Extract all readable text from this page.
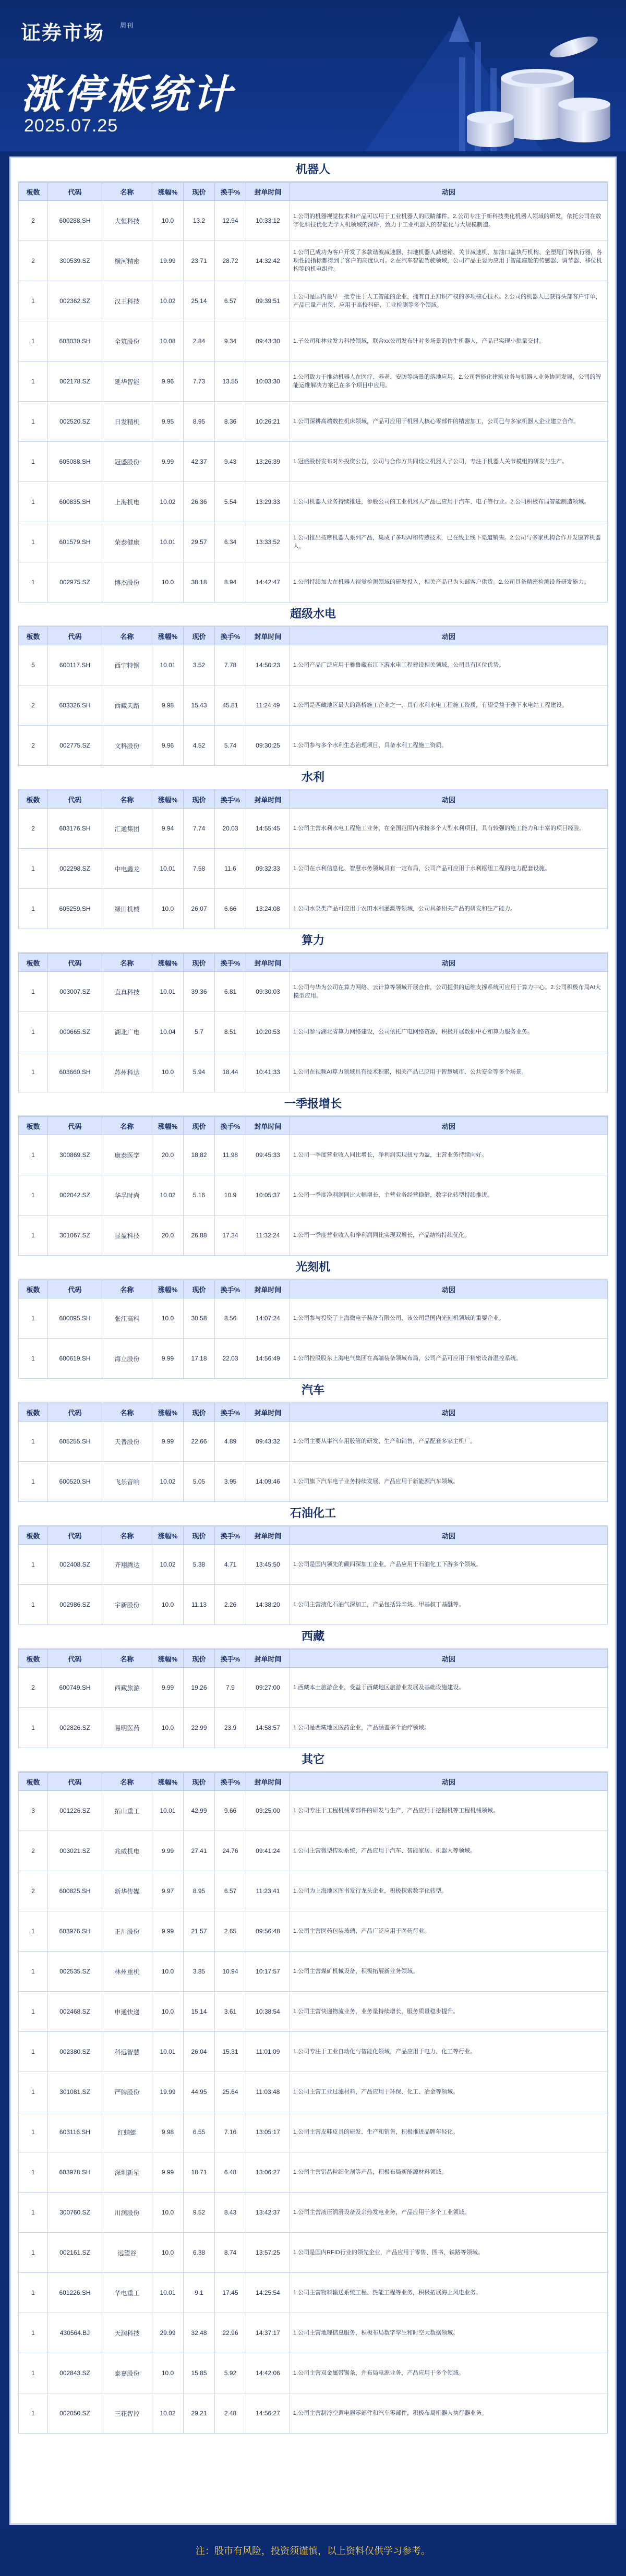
证券市场 周刊
涨停板统计
2025.07.25
机器人
板数	代码	名称	涨幅%	现价	换手%	封单时间	动因
2	600288.SH	大恒科技	10.0	13.2	12.94	10:33:12	1.公司的机器视觉技术和产品可以用于工业机器人的眼睛部件。2.公司专注于新科技类化机器人领域的研发，依托公司在数字化科技优化光学人机领域的深耕，致力于工业机器人的智能化与大规模制造。
2	300539.SZ	横河精密	19.99	23.71	28.72	14:32:42	1.公司已成功为客户开发了多款谐波减速器、扫地机器人减速箱、关节减速机、加油口盖执行机构、全塑尾门等执行器，各项性能指标都得到了客户的高度认可。2.在汽车智能驾驶领域，公司产品主要为应用于智能座舱的传感器、调节器、移位机构等的机电组件。
1	002362.SZ	汉王科技	10.02	25.14	6.57	09:39:51	1.公司是国内最早一批专注于人工智能的企业，拥有自主知识产权的多项核心技术。2.公司的机器人已获得头部客户订单，产品已量产出货，应用于高校科研、工业检测等多个领域。
1	603030.SH	全筑股份	10.08	2.84	9.34	09:43:30	1.子公司和林业发力科技领域，联合xx公司发布针对多场景的仿生机器人，产品已实现小批量交付。
1	002178.SZ	延华智能	9.96	7.73	13.55	10:03:30	1.公司致力于推动机器人在医疗、养老、安防等场景的落地应用。2.公司智能化建筑业务与机器人业务协同发展，公司的智能运维解决方案已在多个项目中应用。
1	002520.SZ	日发精机	9.95	8.95	8.36	10:26:21	1.公司深耕高端数控机床领域，产品可应用于机器人核心零部件的精密加工，公司已与多家机器人企业建立合作。
1	605088.SH	冠盛股份	9.99	42.37	9.43	13:26:39	1.冠盛股份发布对外投资公告，公司与合作方共同设立机器人子公司，专注于机器人关节模组的研发与生产。
1	600835.SH	上海机电	10.02	26.36	5.54	13:29:33	1.公司机器人业务持续推进，参股公司的工业机器人产品已应用于汽车、电子等行业。2.公司积极布局智能制造领域。
1	601579.SH	荣泰健康	10.01	29.57	6.34	13:33:52	1.公司推出按摩机器人系列产品，集成了多项AI和传感技术，已在线上线下渠道销售。2.公司与多家机构合作开发康养机器人。
1	002975.SZ	博杰股份	10.0	38.18	8.94	14:42:47	1.公司持续加大在机器人视觉检测领域的研发投入，相关产品已为头部客户供货。2.公司具备精密检测设备研发能力。
超级水电
板数	代码	名称	涨幅%	现价	换手%	封单时间	动因
5	600117.SH	西宁特钢	10.01	3.52	7.78	14:50:23	1.公司产品广泛应用于雅鲁藏布江下游水电工程建设相关领域，公司具有区位优势。
2	603326.SH	西藏天路	9.98	15.43	45.81	11:24:49	1.公司是西藏地区最大的路桥施工企业之一，具有水利水电工程施工资质，有望受益于雅下水电站工程建设。
2	002775.SZ	文科股份	9.96	4.52	5.74	09:30:25	1.公司参与多个水利生态治理项目，具备水利工程施工资质。
水利
板数	代码	名称	涨幅%	现价	换手%	封单时间	动因
2	603176.SH	汇通集团	9.94	7.74	20.03	14:55:45	1.公司主营水利水电工程施工业务，在全国范围内承接多个大型水利项目，具有较强的施工能力和丰富的项目经验。
1	002298.SZ	中电鑫龙	10.01	7.58	11.6	09:32:33	1.公司在水利信息化、智慧水务领域具有一定布局，公司产品可应用于水利枢纽工程的电力配套设施。
1	605259.SH	绿田机械	10.0	26.07	6.66	13:24:08	1.公司水泵类产品可应用于农田水利灌溉等领域，公司具备相关产品的研发和生产能力。
算力
板数	代码	名称	涨幅%	现价	换手%	封单时间	动因
1	003007.SZ	直真科技	10.01	39.36	6.81	09:30:03	1.公司与华为公司在算力网络、云计算等领域开展合作，公司提供的运维支撑系统可应用于算力中心。2.公司积极布局AI大模型应用。
1	000665.SZ	湖北广电	10.04	5.7	8.51	10:20:53	1.公司参与湖北省算力网络建设，公司依托广电网络资源，积极开展数据中心和算力服务业务。
1	603660.SH	苏州科达	10.0	5.94	18.44	10:41:33	1.公司在视频AI算力领域具有技术积累，相关产品已应用于智慧城市、公共安全等多个场景。
一季报增长
板数	代码	名称	涨幅%	现价	换手%	封单时间	动因
1	300869.SZ	康泰医学	20.0	18.82	11.98	09:45:33	1.公司一季度营业收入同比增长，净利润实现扭亏为盈，主营业务持续向好。
1	002042.SZ	华孚时尚	10.02	5.16	10.9	10:05:37	1.公司一季度净利润同比大幅增长，主营业务经营稳健，数字化转型持续推进。
1	301067.SZ	显盈科技	20.0	26.88	17.34	11:32:24	1.公司一季度营业收入和净利润同比实现双增长，产品结构持续优化。
光刻机
板数	代码	名称	涨幅%	现价	换手%	封单时间	动因
1	600095.SH	张江高科	10.0	30.58	8.56	14:07:24	1.公司参与投资了上海微电子装备有限公司，该公司是国内光刻机领域的重要企业。
1	600619.SH	海立股份	9.99	17.18	22.03	14:56:49	1.公司控股股东上海电气集团在高端装备领域布局，公司产品可应用于精密设备温控系统。
汽车
板数	代码	名称	涨幅%	现价	换手%	封单时间	动因
1	605255.SH	天普股份	9.99	22.66	4.89	09:43:32	1.公司主要从事汽车用胶管的研发、生产和销售，产品配套多家主机厂。
1	600520.SH	飞乐音响	10.02	5.05	3.95	14:09:46	1.公司旗下汽车电子业务持续发展，产品应用于新能源汽车领域。
石油化工
板数	代码	名称	涨幅%	现价	换手%	封单时间	动因
1	002408.SZ	齐翔腾达	10.02	5.38	4.71	13:45:50	1.公司是国内领先的碳四深加工企业，产品应用于石油化工下游多个领域。
1	002986.SZ	宇新股份	10.0	11.13	2.26	14:38:20	1.公司主营液化石油气深加工，产品包括异辛烷、甲基叔丁基醚等。
西藏
板数	代码	名称	涨幅%	现价	换手%	封单时间	动因
2	600749.SH	西藏旅游	9.99	19.26	7.9	09:27:00	1.西藏本土旅游企业，受益于西藏地区旅游业发展及基础设施建设。
1	002826.SZ	易明医药	10.0	22.99	23.9	14:58:57	1.公司是西藏地区医药企业，产品涵盖多个治疗领域。
其它
板数	代码	名称	涨幅%	现价	换手%	封单时间	动因
3	001226.SZ	拓山重工	10.01	42.99	9.66	09:25:00	1.公司专注于工程机械零部件的研发与生产，产品应用于挖掘机等工程机械领域。
2	003021.SZ	兆威机电	9.99	27.41	24.76	09:41:24	1.公司主营微型传动系统，产品应用于汽车、智能家居、机器人等领域。
2	600825.SH	新华传媒	9.97	8.95	6.57	11:23:41	1.公司为上海地区图书发行龙头企业，积极探索数字化转型。
1	603976.SH	正川股份	9.99	21.57	2.65	09:56:48	1.公司主营医药包装玻璃，产品广泛应用于医药行业。
1	002535.SZ	林州重机	10.0	3.85	10.94	10:17:57	1.公司主营煤矿机械设备，积极拓展新业务领域。
1	002468.SZ	申通快递	10.0	15.14	3.61	10:38:54	1.公司主营快递物流业务，业务量持续增长，服务质量稳步提升。
1	002380.SZ	科远智慧	10.01	26.04	15.31	11:01:09	1.公司专注于工业自动化与智能化领域，产品应用于电力、化工等行业。
1	301081.SZ	严牌股份	19.99	44.95	25.64	11:03:48	1.公司主营工业过滤材料，产品应用于环保、化工、冶金等领域。
1	603116.SH	红蜻蜓	9.98	6.55	7.16	13:05:17	1.公司主营皮鞋皮具的研发、生产和销售，积极推进品牌年轻化。
1	603978.SH	深圳新星	9.99	18.71	6.48	13:06:27	1.公司主营铝晶粒细化剂等产品，积极布局新能源材料领域。
1	300760.SZ	川润股份	10.0	9.52	8.43	13:42:37	1.公司主营液压润滑设备及余热发电业务，产品应用于多个工业领域。
1	002161.SZ	远望谷	10.0	6.38	8.74	13:57:25	1.公司是国内RFID行业的领先企业，产品应用于零售、图书、铁路等领域。
1	601226.SH	华电重工	10.01	9.1	17.45	14:25:54	1.公司主营物料输送系统工程、热能工程等业务，积极拓展海上风电业务。
1	430564.BJ	天润科技	29.99	32.48	22.96	14:37:17	1.公司主营地理信息服务，积极布局数字孪生和时空大数据领域。
1	002843.SZ	泰嘉股份	10.0	15.85	5.92	14:42:06	1.公司主营双金属带锯条，并布局电源业务，产品应用于多个领域。
1	002050.SZ	三花智控	10.02	29.21	2.48	14:56:27	1.公司主营制冷空调电器零部件和汽车零部件，积极布局机器人执行器业务。
注：股市有风险，投资须谨慎，以上资料仅供学习参考。
